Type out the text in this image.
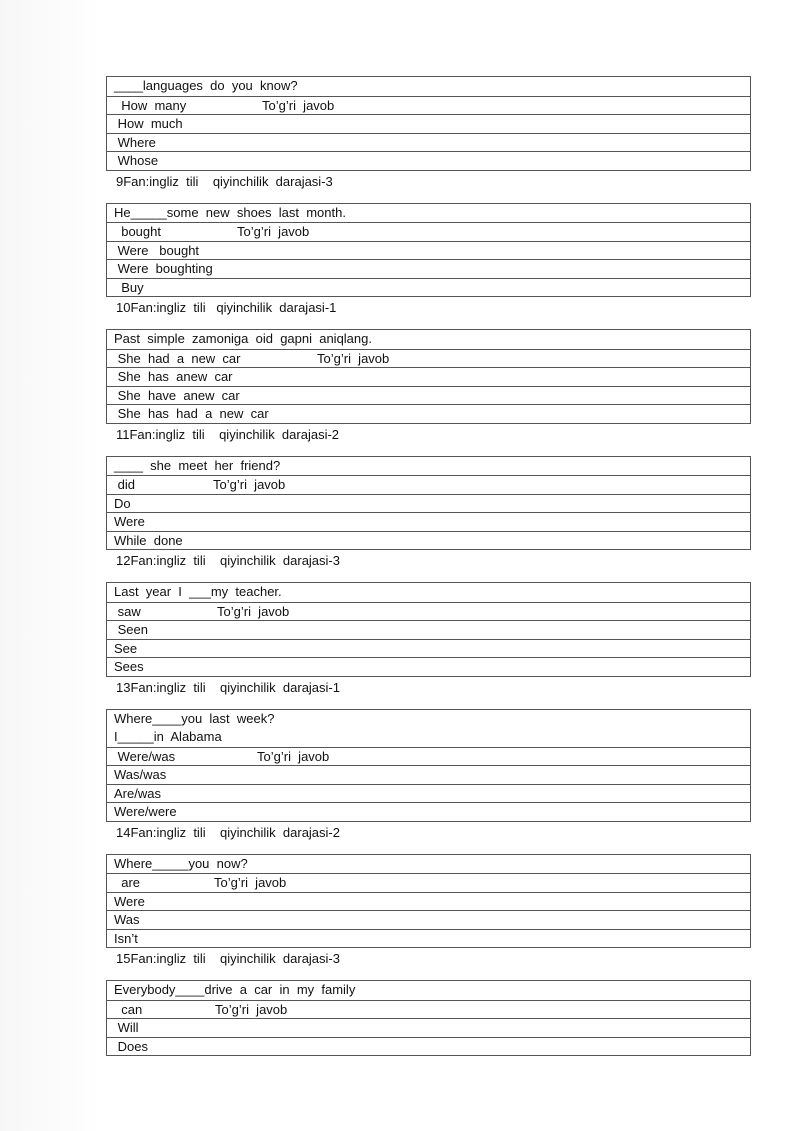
____languages  do  you  know?
How  many	To’g’ri  javob
How  much
Where
Whose
9Fan:ingliz  tili    qiyinchilik  darajasi-3
He_____some  new  shoes  last  month.
bought	To’g’ri  javob
Were   bought
Were  boughting
Buy
10Fan:ingliz  tili   qiyinchilik  darajasi-1
Past  simple  zamoniga  oid  gapni  aniqlang.
She  had  a  new  car	To’g’ri  javob
She  has  anew  car
She  have  anew  car
She  has  had  a  new  car
11Fan:ingliz  tili    qiyinchilik  darajasi-2
____  she  meet  her  friend?
did	To’g’ri  javob
Do
Were
While  done
12Fan:ingliz  tili    qiyinchilik  darajasi-3
Last  year  I  ___my  teacher.
saw	To’g’ri  javob
Seen
See
Sees
13Fan:ingliz  tili    qiyinchilik  darajasi-1
Where____you  last  week?
I_____in  Alabama
Were/was	To’g’ri  javob
Was/was
Are/was
Were/were
14Fan:ingliz  tili    qiyinchilik  darajasi-2
Where_____you  now?
are	To’g’ri  javob
Were
Was
Isn’t
15Fan:ingliz  tili    qiyinchilik  darajasi-3
Everybody____drive  a  car  in  my  family
can	To’g’ri  javob
Will
Does
